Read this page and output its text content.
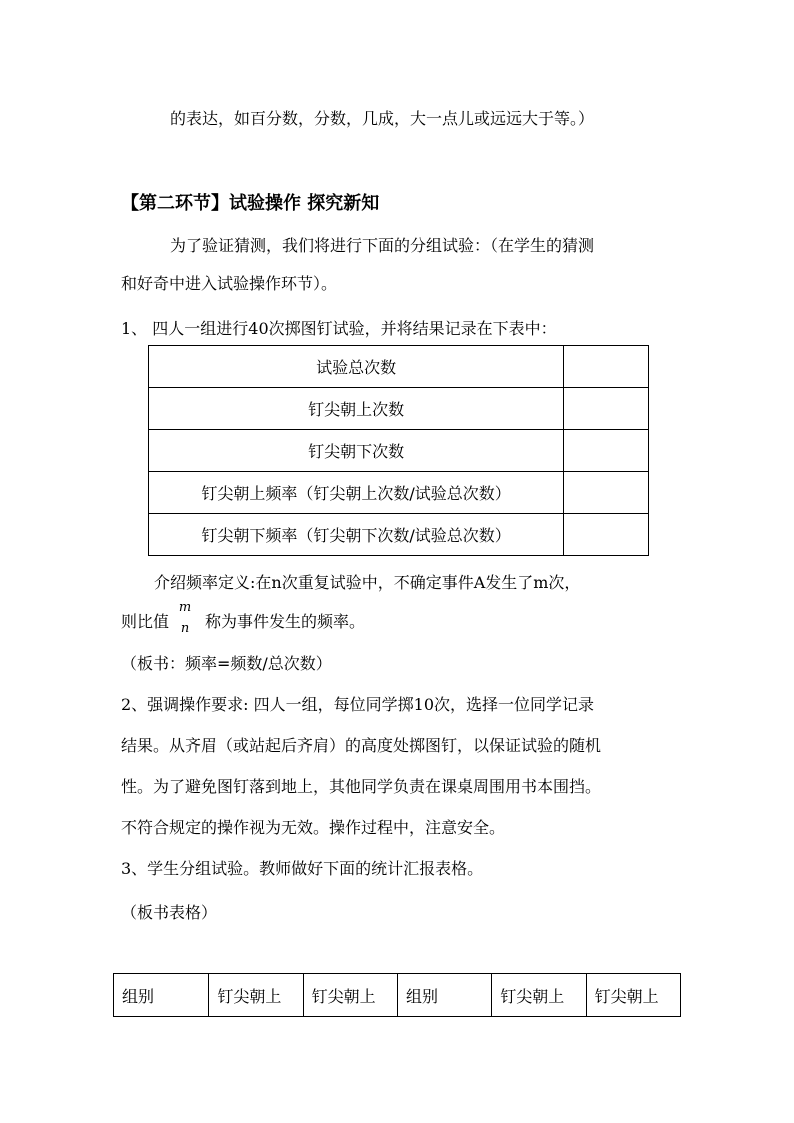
的表达，如百分数，分数，几成，大一点儿或远远大于等。）
【第二环节】试验操作 探究新知
为了验证猜测，我们将进行下面的分组试验：（在学生的猜测
和好奇中进入试验操作环节）。
1、 四人一组进行40次掷图钉试验，并将结果记录在下表中：
试验总次数	
钉尖朝上次数	
钉尖朝下次数	
钉尖朝上频率（钉尖朝上次数/试验总次数）	
钉尖朝下频率（钉尖朝下次数/试验总次数）	
介绍频率定义:在n次重复试验中，不确定事件A发生了m次，
则比值
m
n 称为事件发生的频率。
（板书：频率=频数/总次数）
2、强调操作要求: 四人一组，每位同学掷10次，选择一位同学记录
结果。从齐眉（或站起后齐肩）的高度处掷图钉，以保证试验的随机
性。为了避免图钉落到地上，其他同学负责在课桌周围用书本围挡。
不符合规定的操作视为无效。操作过程中，注意安全。
3、学生分组试验。教师做好下面的统计汇报表格。
（板书表格）
组别	钉尖朝上	钉尖朝上	组别	钉尖朝上	钉尖朝上
